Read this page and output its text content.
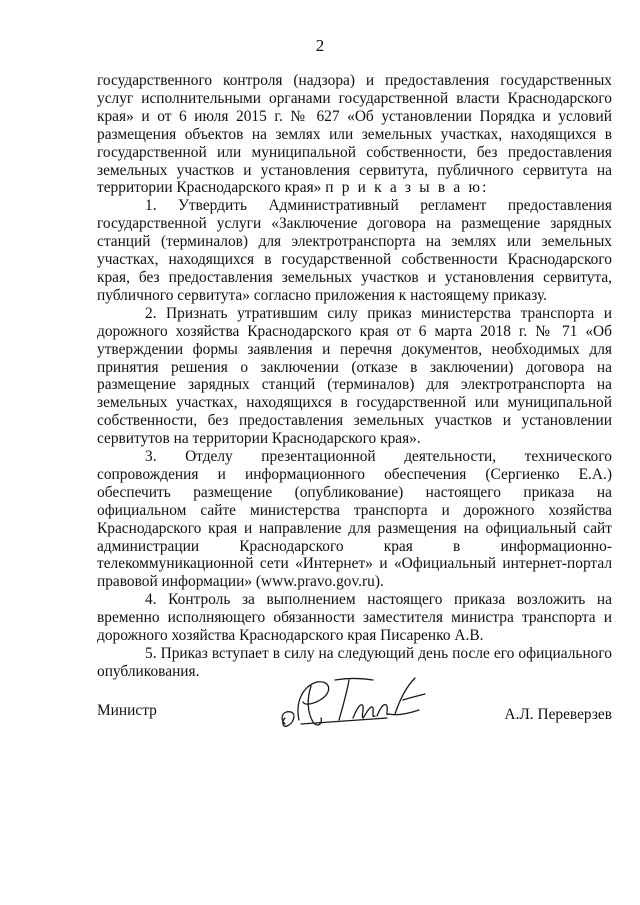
2

государственного контроля (надзора) и предоставления государственных услуг исполнительными органами государственной власти Краснодарского края» и от 6 июля 2015 г. № 627 «Об установлении Порядка и условий размещения объектов на землях или земельных участках, находящихся в государственной или муниципальной собственности, без предоставления земельных участков и установления сервитута, публичного сервитута на территории Краснодарского края» п р и к а з ы в а ю:

1. Утвердить Административный регламент предоставления государственной услуги «Заключение договора на размещение зарядных станций (терминалов) для электротранспорта на землях или земельных участках, находящихся в государственной собственности Краснодарского края, без предоставления земельных участков и установления сервитута, публичного сервитута» согласно приложения к настоящему приказу.

2. Признать утратившим силу приказ министерства транспорта и дорожного хозяйства Краснодарского края от 6 марта 2018 г. № 71 «Об утверждении формы заявления и перечня документов, необходимых для принятия решения о заключении (отказе в заключении) договора на размещение зарядных станций (терминалов) для электротранспорта на земельных участках, находящихся в государственной или муниципальной собственности, без предоставления земельных участков и установлении сервитутов на территории Краснодарского края».

3. Отделу презентационной деятельности, технического сопровождения и информационного обеспечения (Сергиенко Е.А.) обеспечить размещение (опубликование) настоящего приказа на официальном сайте министерства транспорта и дорожного хозяйства Краснодарского края и направление для размещения на официальный сайт администрации Краснодарского края в информационно-телекоммуникационной сети «Интернет» и «Официальный интернет-портал правовой информации» (www.pravo.gov.ru).

4. Контроль за выполнением настоящего приказа возложить на временно исполняющего обязанности заместителя министра транспорта и дорожного хозяйства Краснодарского края Писаренко А.В.

5. Приказ вступает в силу на следующий день после его официального опубликования.

Министр	А.Л. Переверзев
